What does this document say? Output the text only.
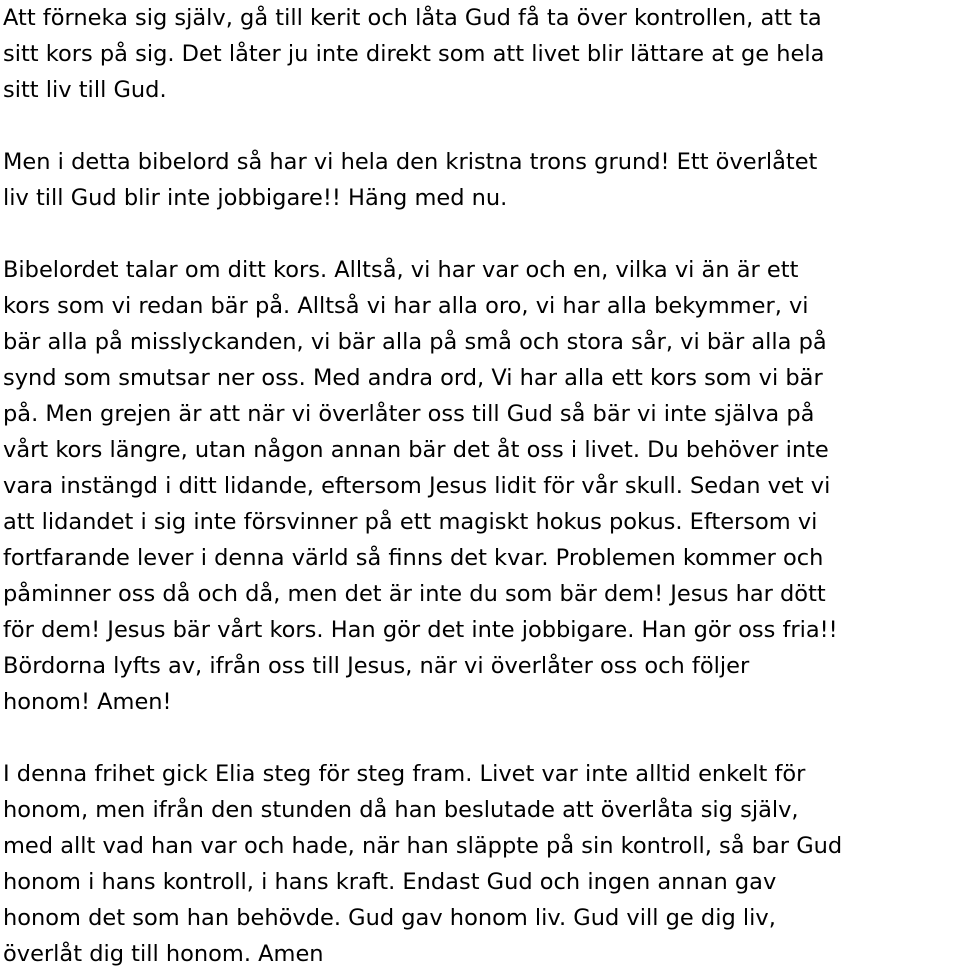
Att förneka sig själv, gå till kerit och låta Gud få ta över kontrollen, att ta
sitt kors på sig. Det låter ju inte direkt som att livet blir lättare at ge hela
sitt liv till Gud.
Men i detta bibelord så har vi hela den kristna trons grund! Ett överlåtet
liv till Gud blir inte jobbigare!! Häng med nu.
Bibelordet talar om ditt kors. Alltså, vi har var och en, vilka vi än är ett
kors som vi redan bär på. Alltså vi har alla oro, vi har alla bekymmer, vi
bär alla på misslyckanden, vi bär alla på små och stora sår, vi bär alla på
synd som smutsar ner oss. Med andra ord, Vi har alla ett kors som vi bär
på. Men grejen är att när vi överlåter oss till Gud så bär vi inte själva på
vårt kors längre, utan någon annan bär det åt oss i livet. Du behöver inte
vara instängd i ditt lidande, eftersom Jesus lidit för vår skull. Sedan vet vi
att lidandet i sig inte försvinner på ett magiskt hokus pokus. Eftersom vi
fortfarande lever i denna värld så finns det kvar. Problemen kommer och
påminner oss då och då, men det är inte du som bär dem! Jesus har dött
för dem! Jesus bär vårt kors. Han gör det inte jobbigare. Han gör oss fria!!
Bördorna lyfts av, ifrån oss till Jesus, när vi överlåter oss och följer
honom! Amen!
I denna frihet gick Elia steg för steg fram. Livet var inte alltid enkelt för
honom, men ifrån den stunden då han beslutade att överlåta sig själv,
med allt vad han var och hade, när han släppte på sin kontroll, så bar Gud
honom i hans kontroll, i hans kraft. Endast Gud och ingen annan gav
honom det som han behövde. Gud gav honom liv. Gud vill ge dig liv,
överlåt dig till honom. Amen
